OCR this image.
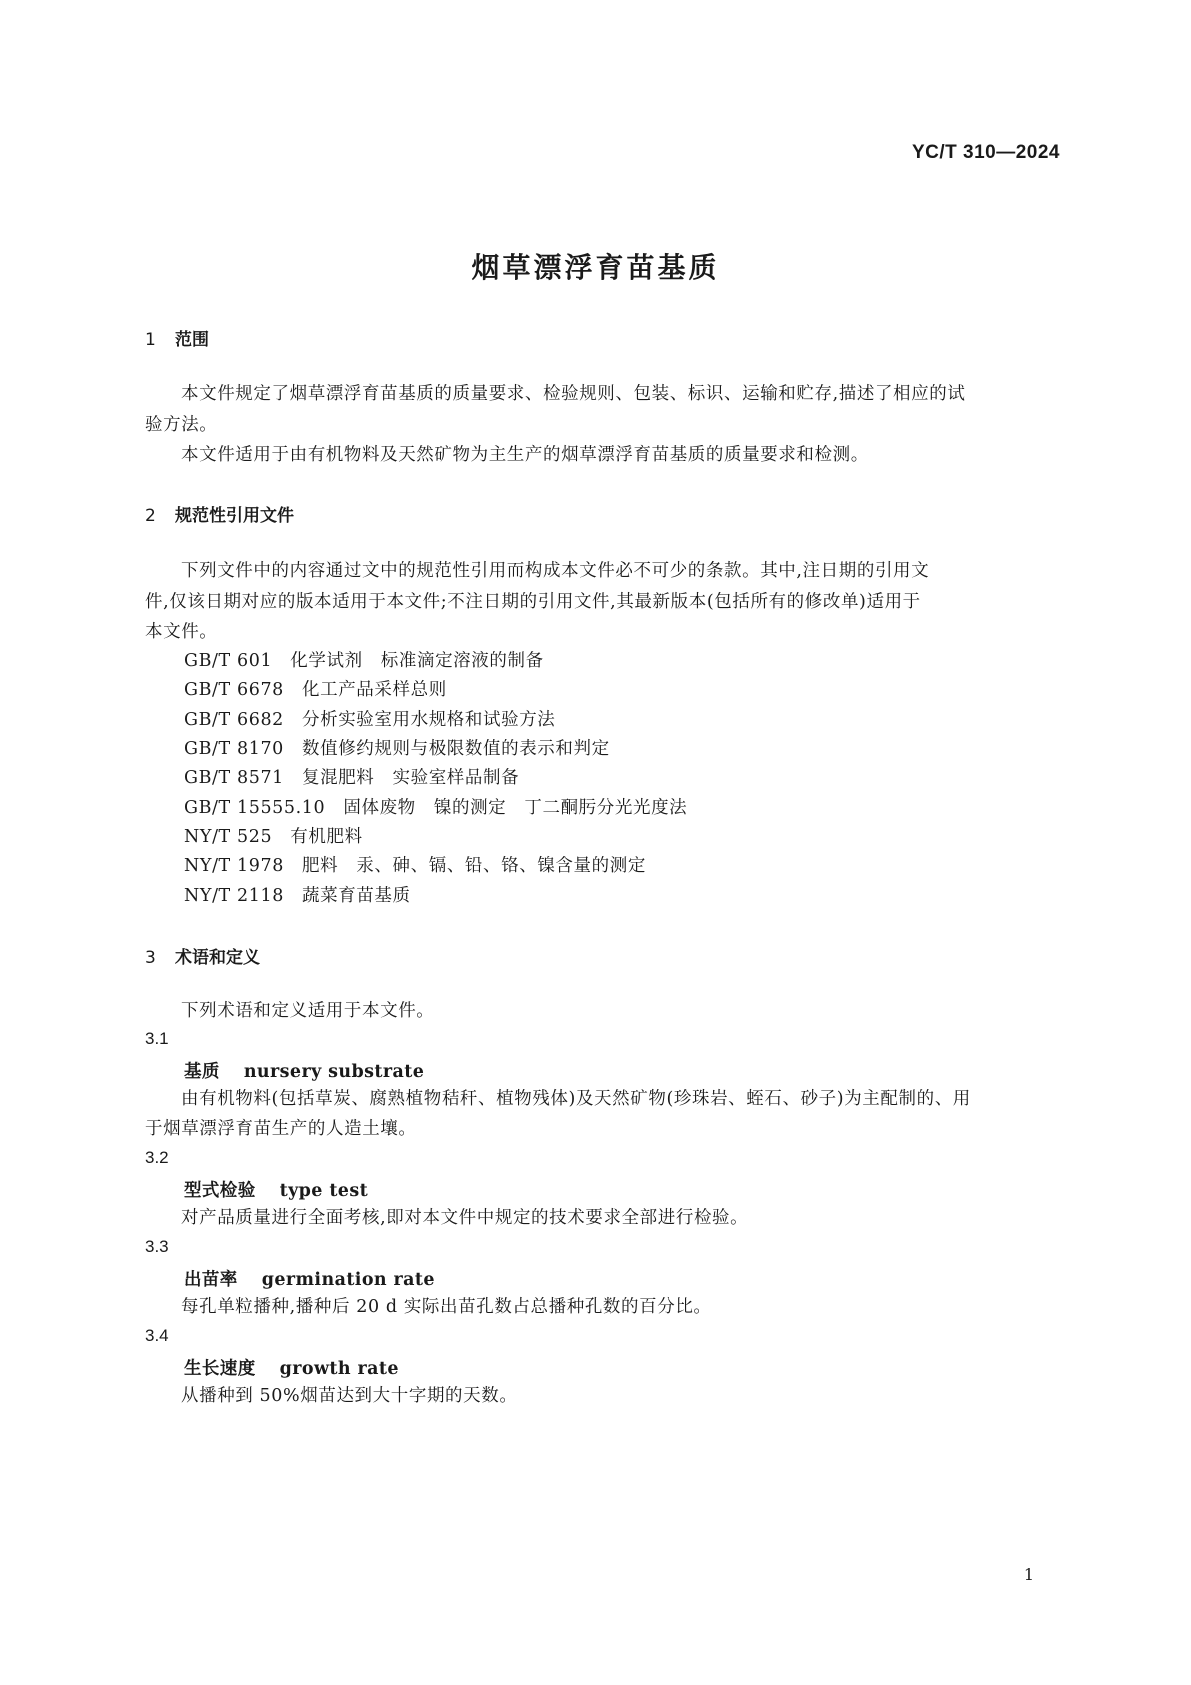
YC/T 310—2024
烟草漂浮育苗基质
1 范围
本文件规定了烟草漂浮育苗基质的质量要求、检验规则、包装、标识、运输和贮存,描述了相应的试
验方法。
本文件适用于由有机物料及天然矿物为主生产的烟草漂浮育苗基质的质量要求和检测。
2 规范性引用文件
下列文件中的内容通过文中的规范性引用而构成本文件必不可少的条款。其中,注日期的引用文
件,仅该日期对应的版本适用于本文件;不注日期的引用文件,其最新版本(包括所有的修改单)适用于
本文件。
GB/T 601　化学试剂　标准滴定溶液的制备
GB/T 6678　化工产品采样总则
GB/T 6682　分析实验室用水规格和试验方法
GB/T 8170　数值修约规则与极限数值的表示和判定
GB/T 8571　复混肥料　实验室样品制备
GB/T 15555.10　固体废物　镍的测定　丁二酮肟分光光度法
NY/T 525　有机肥料
NY/T 1978　肥料　汞、砷、镉、铅、铬、镍含量的测定
NY/T 2118　蔬菜育苗基质
3 术语和定义
下列术语和定义适用于本文件。
3.1
基质 nursery substrate
由有机物料(包括草炭、腐熟植物秸秆、植物残体)及天然矿物(珍珠岩、蛭石、砂子)为主配制的、用
于烟草漂浮育苗生产的人造土壤。
3.2
型式检验 type test
对产品质量进行全面考核,即对本文件中规定的技术要求全部进行检验。
3.3
出苗率 germination rate
每孔单粒播种,播种后 20 d 实际出苗孔数占总播种孔数的百分比。
3.4
生长速度 growth rate
从播种到 50%烟苗达到大十字期的天数。
1
